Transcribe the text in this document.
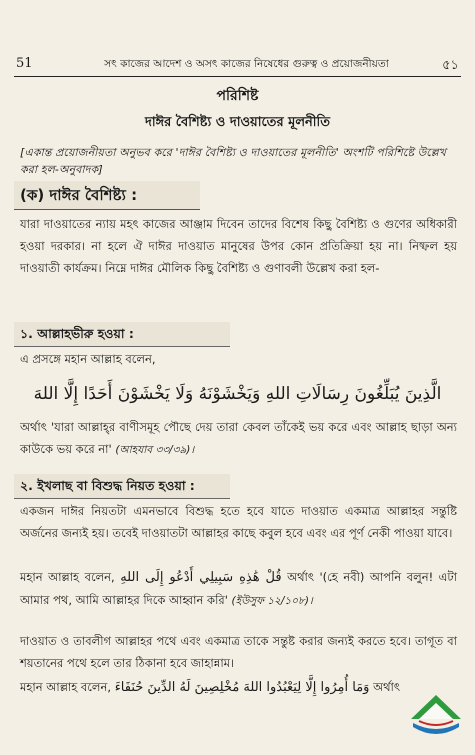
51	সৎ কাজের আদেশ ও অসৎ কাজের নিষেধের গুরুত্ব ও প্রয়োজনীয়তা	৫১
পরিশিষ্ট
দাঈর বৈশিষ্ট্য ও দাওয়াতের মূলনীতি
[একান্ত প্রয়োজনীয়তা অনুভব করে 'দাঈর বৈশিষ্ট্য ও দাওয়াতের মূলনীতি' অংশটি পরিশিষ্টে উল্লেখ করা হল-অনুবাদক]
(ক) দাঈর বৈশিষ্ট্য :
যারা দাওয়াতের ন্যায় মহৎ কাজের আঞ্জাম দিবেন তাদের বিশেষ কিছু বৈশিষ্ট্য ও গুণের অধিকারী হওয়া দরকার। না হলে ঐ দাঈর দাওয়াত মানুষের উপর কোন প্রতিক্রিয়া হয় না। নিষ্ফল হয় দাওয়াতী কার্যক্রম। নিম্নে দাঈর মৌলিক কিছু বৈশিষ্ট্য ও গুণাবলী উল্লেখ করা হল-
১. আল্লাহভীরু হওয়া :
এ প্রসঙ্গে মহান আল্লাহ বলেন,
الَّذِينَ يُبَلِّغُونَ رِسَالَاتِ اللهِ وَيَخْشَوْنَهُ وَلَا يَخْشَوْنَ أَحَدًا إِلَّا اللهَ
অর্থাৎ 'যারা আল্লাহ্‌র বাণীসমূহ পৌছে দেয় তারা কেবল তাঁকেই ভয় করে এবং আল্লাহ ছাড়া অন্য কাউকে ভয় করে না' (আহযাব ৩৩/৩৯)।
২. ইখলাছ বা বিশুদ্ধ নিয়ত হওয়া :
একজন দাঈর নিয়তটা এমনভাবে বিশুদ্ধ হতে হবে যাতে দাওয়াত একমাত্র আল্লাহর সন্তুষ্টি অর্জনের জন্যই হয়। তবেই দাওয়াতটা আল্লাহর কাছে কবুল হবে এবং এর পূর্ণ নেকী পাওয়া যাবে।
মহান আল্লাহ বলেন, قُلْ هَٰذِهِ سَبِيلِي أَدْعُو إِلَى اللهِ অর্থাৎ '(হে নবী) আপনি বলুন! এটা আমার পথ, আমি আল্লাহর দিকে আহ্বান করি' (ইউসুফ ১২/১০৮)।
দাওয়াত ও তাবলীগ আল্লাহর পথে এবং একমাত্র তাকে সন্তুষ্ট করার জন্যই করতে হবে। তাগূত বা শয়তানের পথে হলে তার ঠিকানা হবে জাহান্নাম।
মহান আল্লাহ বলেন, وَمَا أُمِرُوا إِلَّا لِيَعْبُدُوا اللهَ مُخْلِصِينَ لَهُ الدِّينَ حُنَفَاءَ অর্থাৎ
